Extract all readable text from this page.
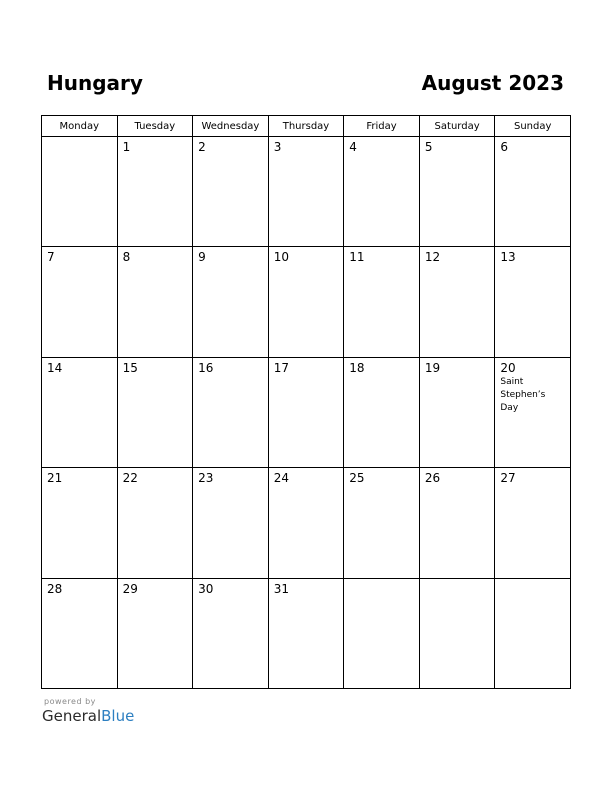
Hungary	August 2023
Monday	Tuesday	Wednesday	Thursday	Friday	Saturday	Sunday

	1	2	3	4	5	6

7	8	9	10	11	12	13

14	15	16	17	18	19	20
Saint
Stephen’s
Day

21	22	23	24	25	26	27

28	29	30	31			

powered by
GeneralBlue
